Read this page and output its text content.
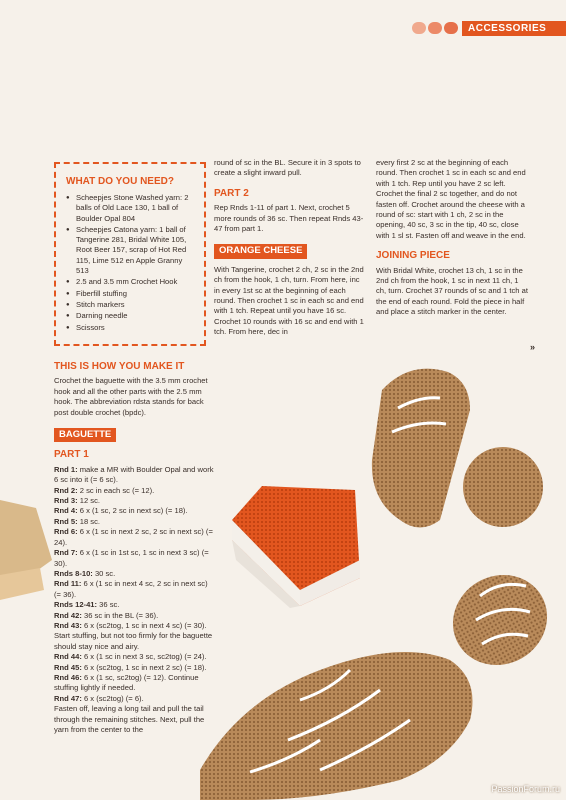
ACCESSORIES
WHAT DO YOU NEED?
● Scheepjes Stone Washed yarn: 2 balls of Old Lace 130, 1 ball of Boulder Opal 804
● Scheepjes Catona yarn: 1 ball of Tangerine 281, Bridal White 105, Root Beer 157, scrap of Hot Red 115, Lime 512 en Apple Granny 513
● 2.5 and 3.5 mm Crochet Hook
● Fiberfill stuffing
● Stitch markers
● Darning needle
● Scissors
THIS IS HOW YOU MAKE IT

Crochet the baguette with the 3.5 mm crochet hook and all the other parts with the 2.5 mm hook. The abbreviation rdsta stands for back post double crochet (bpdc).

BAGUETTE
PART 1

Rnd 1: make a MR with Boulder Opal and work 6 sc into it (= 6 sc).

Rnd 2: 2 sc in each sc (= 12).

Rnd 3: 12 sc.

Rnd 4: 6 x (1 sc, 2 sc in next sc) (= 18).

Rnd 5: 18 sc.

Rnd 6: 6 x (1 sc in next 2 sc, 2 sc in next sc) (= 24).

Rnd 7: 6 x (1 sc in 1st sc, 1 sc in next 3 sc) (= 30).

Rnds 8-10: 30 sc.

Rnd 11: 6 x (1 sc in next 4 sc, 2 sc in next sc) (= 36).

Rnds 12-41: 36 sc.

Rnd 42: 36 sc in the BL (= 36).

Rnd 43: 6 x (sc2tog, 1 sc in next 4 sc) (= 30). Start stuffing, but not too firmly for the baguette should stay nice and airy.

Rnd 44: 6 x (1 sc in next 3 sc, sc2tog) (= 24).

Rnd 45: 6 x (sc2tog, 1 sc in next 2 sc) (= 18).

Rnd 46: 6 x (1 sc, sc2tog) (= 12). Continue stuffing lightly if needed.

Rnd 47: 6 x (sc2tog) (= 6).

Fasten off, leaving a long tail and pull the tail through the remaining stitches. Next, pull the yarn from the center to the

round of sc in the BL. Secure it in 3 spots to create a slight inward pull.

PART 2

Rep Rnds 1-11 of part 1. Next, crochet 5 more rounds of 36 sc. Then repeat Rnds 43-47 from part 1.

ORANGE CHEESE

With Tangerine, crochet 2 ch, 2 sc in the 2nd ch from the hook, 1 ch, turn. From here, inc in every 1st sc at the beginning of each round. Then crochet 1 sc in each sc and end with 1 tch. Repeat until you have 16 sc. Crochet 10 rounds with 16 sc and end with 1 tch. From here, dec in

every first 2 sc at the beginning of each round. Then crochet 1 sc in each sc and end with 1 tch. Rep until you have 2 sc left. Crochet the final 2 sc together, and do not fasten off. Crochet around the cheese with a round of sc: start with 1 ch, 2 sc in the opening, 40 sc, 3 sc in the tip, 40 sc, close with 1 sl st. Fasten off and weave in the end.

JOINING PIECE

With Bridal White, crochet 13 ch, 1 sc in the 2nd ch from the hook, 1 sc in next 11 ch, 1 ch, turn. Crochet 37 rounds of sc and 1 tch at the end of each round. Fold the piece in half and place a stitch marker in the center.

»
PassionForum.ru
